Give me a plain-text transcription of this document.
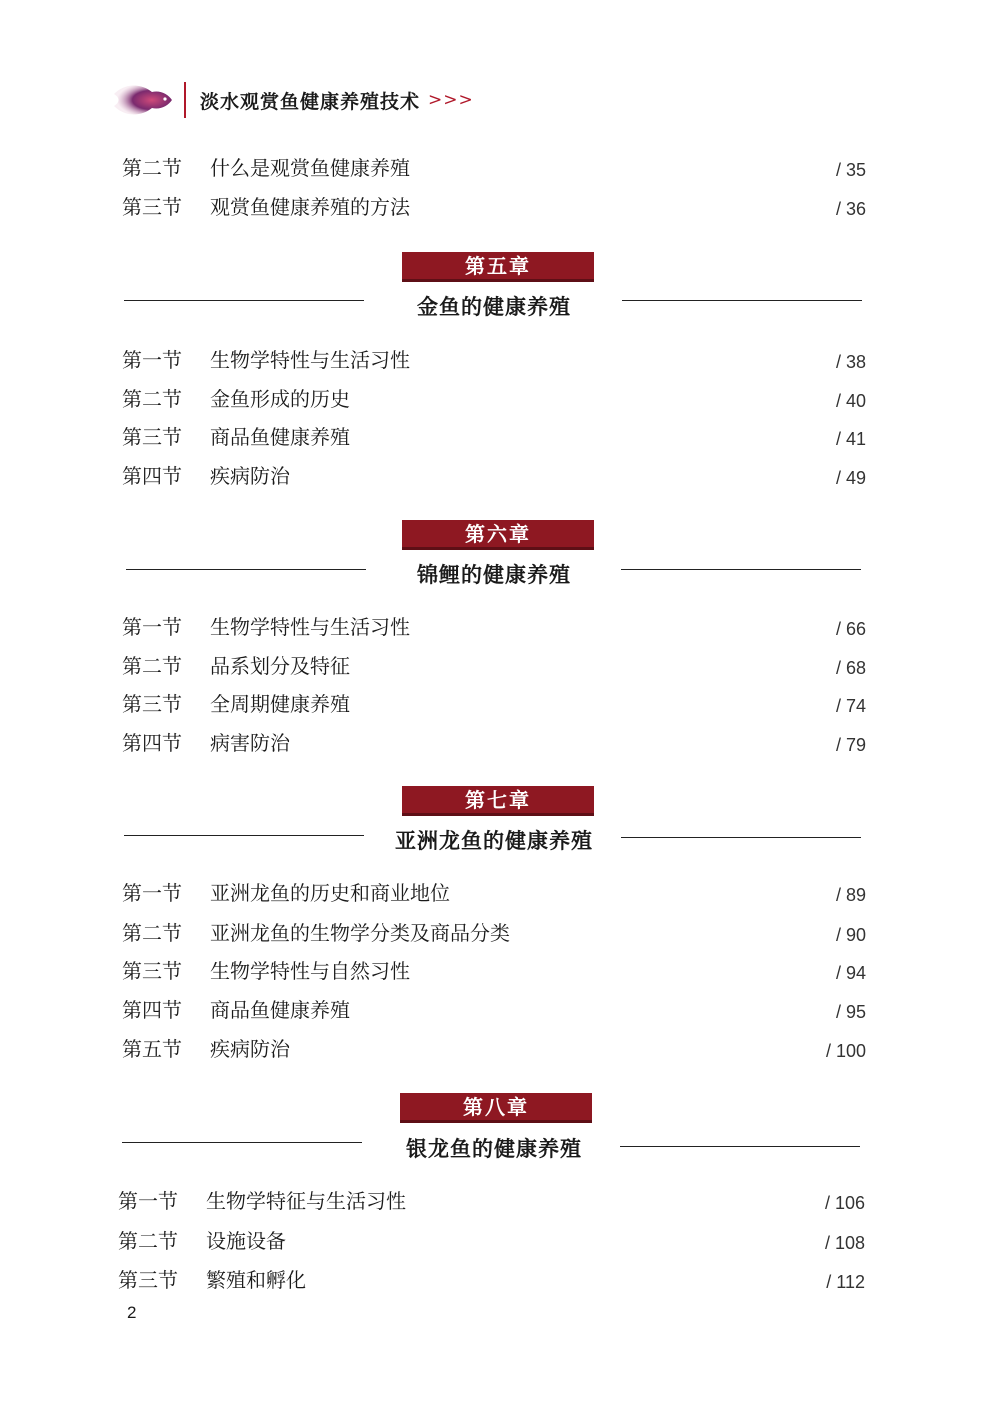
淡水观赏鱼健康养殖技术 >>>
第二节 什么是观赏鱼健康养殖	/ 35
第三节 观赏鱼健康养殖的方法	/ 36
第五章
金鱼的健康养殖
第一节 生物学特性与生活习性	/ 38
第二节 金鱼形成的历史	/ 40
第三节 商品鱼健康养殖	/ 41
第四节 疾病防治	/ 49
第六章
锦鲤的健康养殖
第一节 生物学特性与生活习性	/ 66
第二节 品系划分及特征	/ 68
第三节 全周期健康养殖	/ 74
第四节 病害防治	/ 79
第七章
亚洲龙鱼的健康养殖
第一节 亚洲龙鱼的历史和商业地位	/ 89
第二节 亚洲龙鱼的生物学分类及商品分类	/ 90
第三节 生物学特性与自然习性	/ 94
第四节 商品鱼健康养殖	/ 95
第五节 疾病防治	/ 100
第八章
银龙鱼的健康养殖
第一节 生物学特征与生活习性	/ 106
第二节 设施设备	/ 108
第三节 繁殖和孵化	/ 112
2
